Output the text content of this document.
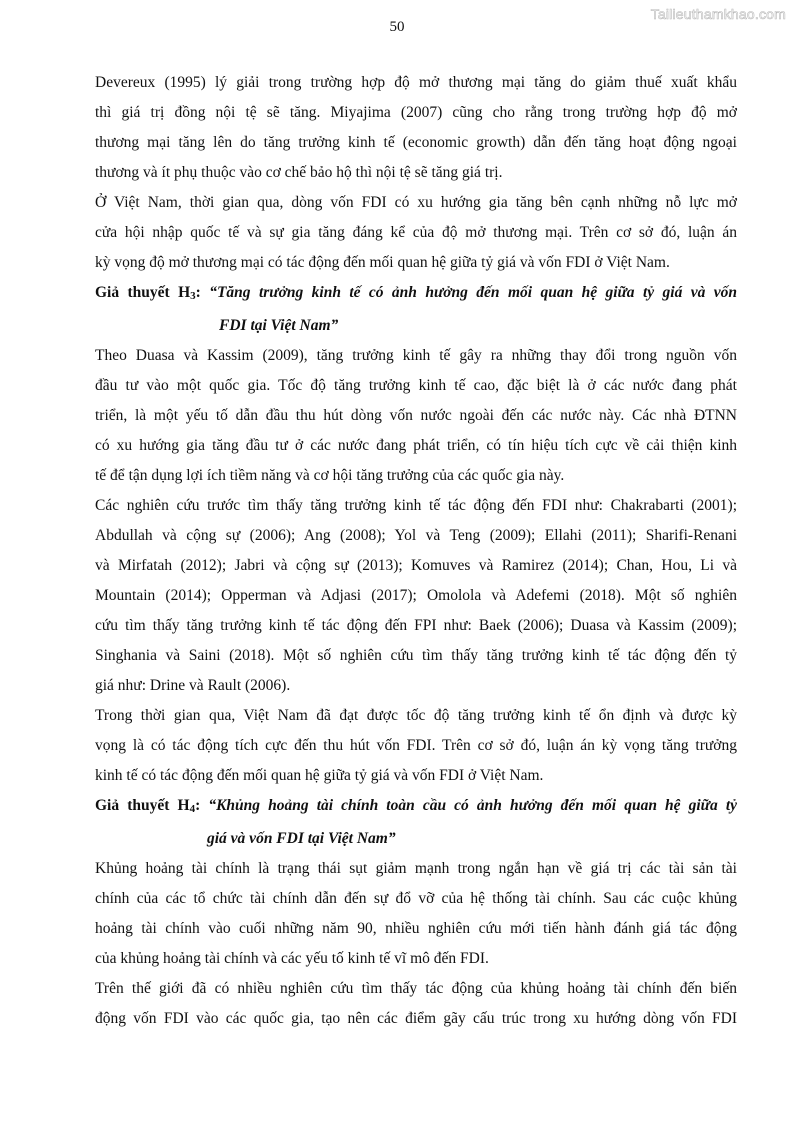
Tailieuthamkhao.com
50

Devereux (1995) lý giải trong trường hợp độ mở thương mại tăng do giảm thuế xuất khẩu
thì giá trị đồng nội tệ sẽ tăng. Miyajima (2007) cũng cho rằng trong trường hợp độ mở
thương mại tăng lên do tăng trưởng kinh tế (economic growth) dẫn đến tăng hoạt động ngoại
thương và ít phụ thuộc vào cơ chế bảo hộ thì nội tệ sẽ tăng giá trị.

Ở Việt Nam, thời gian qua, dòng vốn FDI có xu hướng gia tăng bên cạnh những nỗ lực mở
cửa hội nhập quốc tế và sự gia tăng đáng kể của độ mở thương mại. Trên cơ sở đó, luận án
kỳ vọng độ mở thương mại có tác động đến mối quan hệ giữa tỷ giá và vốn FDI ở Việt Nam.

Giả thuyết H3: “Tăng trưởng kinh tế có ảnh hưởng đến mối quan hệ giữa tỷ giá và vốn
FDI tại Việt Nam”

Theo Duasa và Kassim (2009), tăng trưởng kinh tế gây ra những thay đổi trong nguồn vốn
đầu tư vào một quốc gia. Tốc độ tăng trưởng kinh tế cao, đặc biệt là ở các nước đang phát
triển, là một yếu tố dẫn đầu thu hút dòng vốn nước ngoài đến các nước này. Các nhà ĐTNN
có xu hướng gia tăng đầu tư ở các nước đang phát triển, có tín hiệu tích cực về cải thiện kinh
tế để tận dụng lợi ích tiềm năng và cơ hội tăng trưởng của các quốc gia này.

Các nghiên cứu trước tìm thấy tăng trưởng kinh tế tác động đến FDI như: Chakrabarti (2001);
Abdullah và cộng sự (2006); Ang (2008); Yol và Teng (2009); Ellahi (2011); Sharifi-Renani
và Mirfatah (2012); Jabri và cộng sự (2013); Komuves và Ramirez (2014); Chan, Hou, Li và
Mountain (2014); Opperman và Adjasi (2017); Omolola và Adefemi (2018). Một số nghiên
cứu tìm thấy tăng trưởng kinh tế tác động đến FPI như: Baek (2006); Duasa và Kassim (2009);
Singhania và Saini (2018). Một số nghiên cứu tìm thấy tăng trưởng kinh tế tác động đến tỷ
giá như: Drine và Rault (2006).

Trong thời gian qua, Việt Nam đã đạt được tốc độ tăng trưởng kinh tế ổn định và được kỳ
vọng là có tác động tích cực đến thu hút vốn FDI. Trên cơ sở đó, luận án kỳ vọng tăng trưởng
kinh tế có tác động đến mối quan hệ giữa tỷ giá và vốn FDI ở Việt Nam.

Giả thuyết H4: “Khủng hoảng tài chính toàn cầu có ảnh hưởng đến mối quan hệ giữa tỷ
giá và vốn FDI tại Việt Nam”

Khủng hoảng tài chính là trạng thái sụt giảm mạnh trong ngắn hạn về giá trị các tài sản tài
chính của các tổ chức tài chính dẫn đến sự đổ vỡ của hệ thống tài chính. Sau các cuộc khủng
hoảng tài chính vào cuối những năm 90, nhiều nghiên cứu mới tiến hành đánh giá tác động
của khủng hoảng tài chính và các yếu tố kinh tế vĩ mô đến FDI.

Trên thế giới đã có nhiều nghiên cứu tìm thấy tác động của khủng hoảng tài chính đến biến
động vốn FDI vào các quốc gia, tạo nên các điểm gãy cấu trúc trong xu hướng dòng vốn FDI
